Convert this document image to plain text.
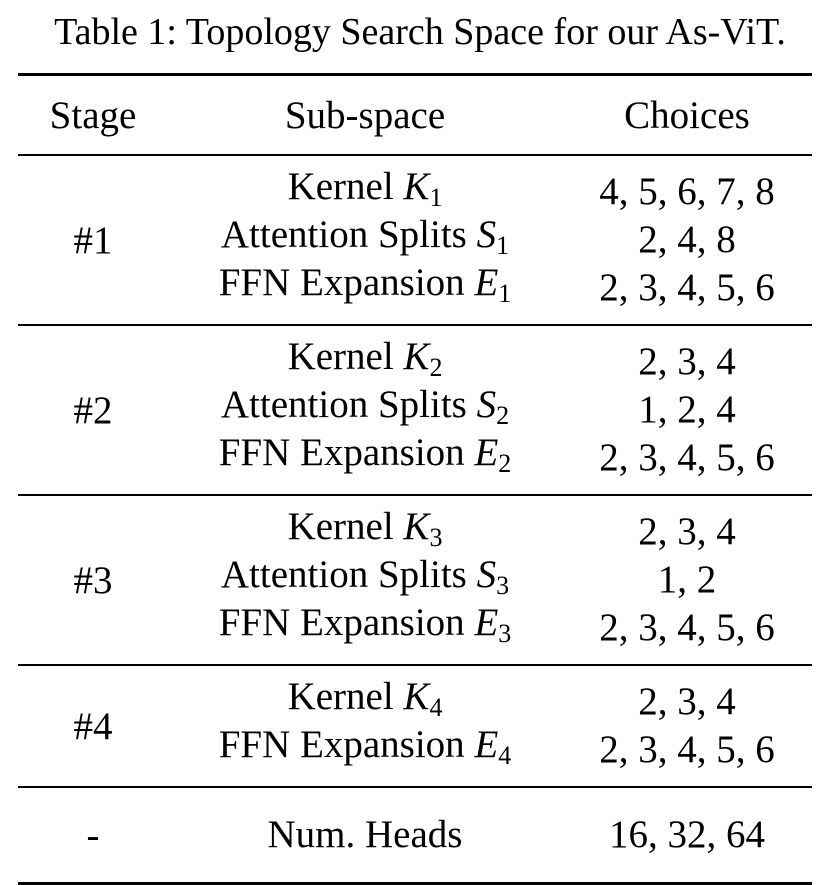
Table 1: Topology Search Space for our As-ViT.
Stage	Sub-space	Choices
#1
Kernel $K_1$	4, 5, 6, 7, 8
Attention Splits $S_1$	2, 4, 8
FFN Expansion $E_1$	2, 3, 4, 5, 6
#2
Kernel $K_2$	2, 3, 4
Attention Splits $S_2$	1, 2, 4
FFN Expansion $E_2$	2, 3, 4, 5, 6
#3
Kernel $K_3$	2, 3, 4
Attention Splits $S_3$	1, 2
FFN Expansion $E_3$	2, 3, 4, 5, 6
#4
Kernel $K_4$	2, 3, 4
FFN Expansion $E_4$	2, 3, 4, 5, 6
-	Num. Heads	16, 32, 64
